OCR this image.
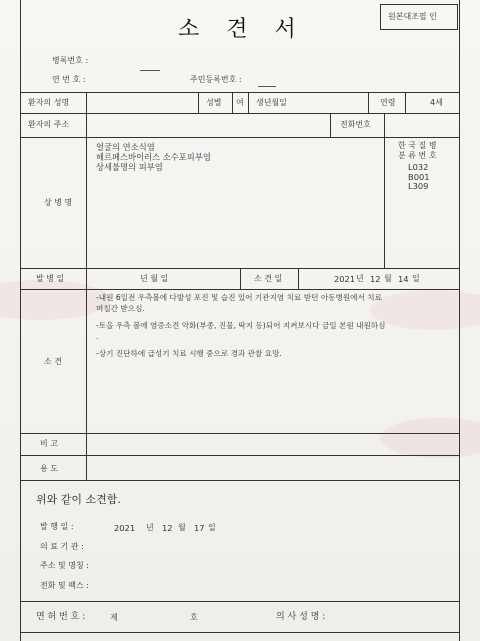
소 견 서
원본대조필 인
병록번호 :
연 번 호 :	주민등록번호 :
환자의 성명	성별 여 생년월일	연령	4세
환자의 주소	전화번호
상 병 명
얼굴의 연소식염
헤르페스바이러스 소수포피부염
상세불명의 피부염
한 국 질 병
분 류 번 호
L032
B001
L309
발 병 일	년 월 일	소 견 일	2021 년 12 월 14 일
소 견
-내원 6일전 우측볼에 다발성 포진 및 습진 있어 기관지염 치료 받던 아동병원에서 치료
며칠간 받으심.
-토을 우측 볼에 염증소견 악화(부종, 진물, 딱지 등)되어 지켜보시다 금일 본원 내원하심
.
-상기 진단하에 급성기 치료 시행 중으로 경과 관찰 요망.
비 고
용 도
위와 같이 소견함.
발 행 일 :	2021 년 12 월 17 일
의 료 기 관 :
주소 및 명칭 :
전화 및 팩스 :
면 허 번 호 :	제	호	의 사 성 명 :
